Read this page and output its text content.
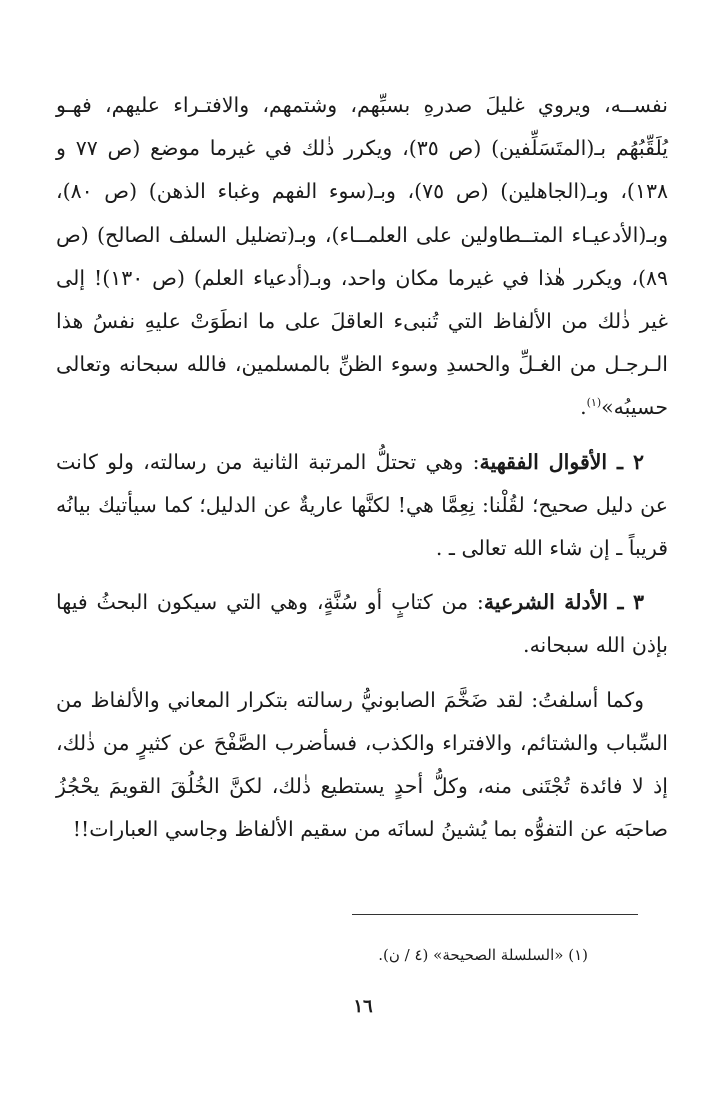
نفســه، ويروي غليلَ صدرهِ بسبِّهم، وشتمهم، والافتـراء عليهم، فهـو يُلَقِّبُهُم بـ(المتَسَلِّفين) (ص ٣٥)، ويكرر ذٰلك في غيرما موضع (ص ٧٧ و ١٣٨)، وبـ(الجاهلين) (ص ٧٥)، وبـ(سوء الفهم وغباء الذهن) (ص ٨٠)، وبـ(الأدعيـاء المتــطاولين على العلمــاء)، وبـ(تضليل السلف الصالح) (ص ٨٩)، ويكرر هٰذا في غيرما مكان واحد، وبـ(أدعياء العلم) (ص ١٣٠)! إلى غير ذٰلك من الألفاظ التي تُنبىء العاقلَ على ما انطَوَتْ عليهِ نفسُ هذا الـرجـل من الغـلِّ والحسدِ وسوء الظنِّ بالمسلمين، فالله سبحانه وتعالى حسيبُه»$^{(١)}$.

٢ ـ الأقوال الفقهية: وهي تحتلُّ المرتبة الثانية من رسالته، ولو كانت عن دليل صحيح؛ لقُلْنا: نِعِمَّا هي! لكنَّها عاريةٌ عن الدليل؛ كما سيأتيك بيانُه قريباً ـ إن شاء الله تعالى ـ .

٣ ـ الأدلة الشرعية: من كتابٍ أو سُنَّةٍ، وهي التي سيكون البحثُ فيها بإذن الله سبحانه.

وكما أسلفتُ: لقد ضَخَّمَ الصابونيُّ رسالته بتكرار المعاني والألفاظ من السِّباب والشتائم، والافتراء والكذب، فسأضرب الصَّفْحَ عن كثيرٍ من ذٰلك، إذ لا فائدة تُجْتَنى منه، وكلُّ أحدٍ يستطيع ذٰلك، لكنَّ الخُلُقَ القويمَ يحْجُزُ صاحبَه عن التفوُّه بما يُشينُ لسانَه من سقيم الألفاظ وجاسي العبارات!!

(١) «السلسلة الصحيحة» (٤ / ن).
١٦
